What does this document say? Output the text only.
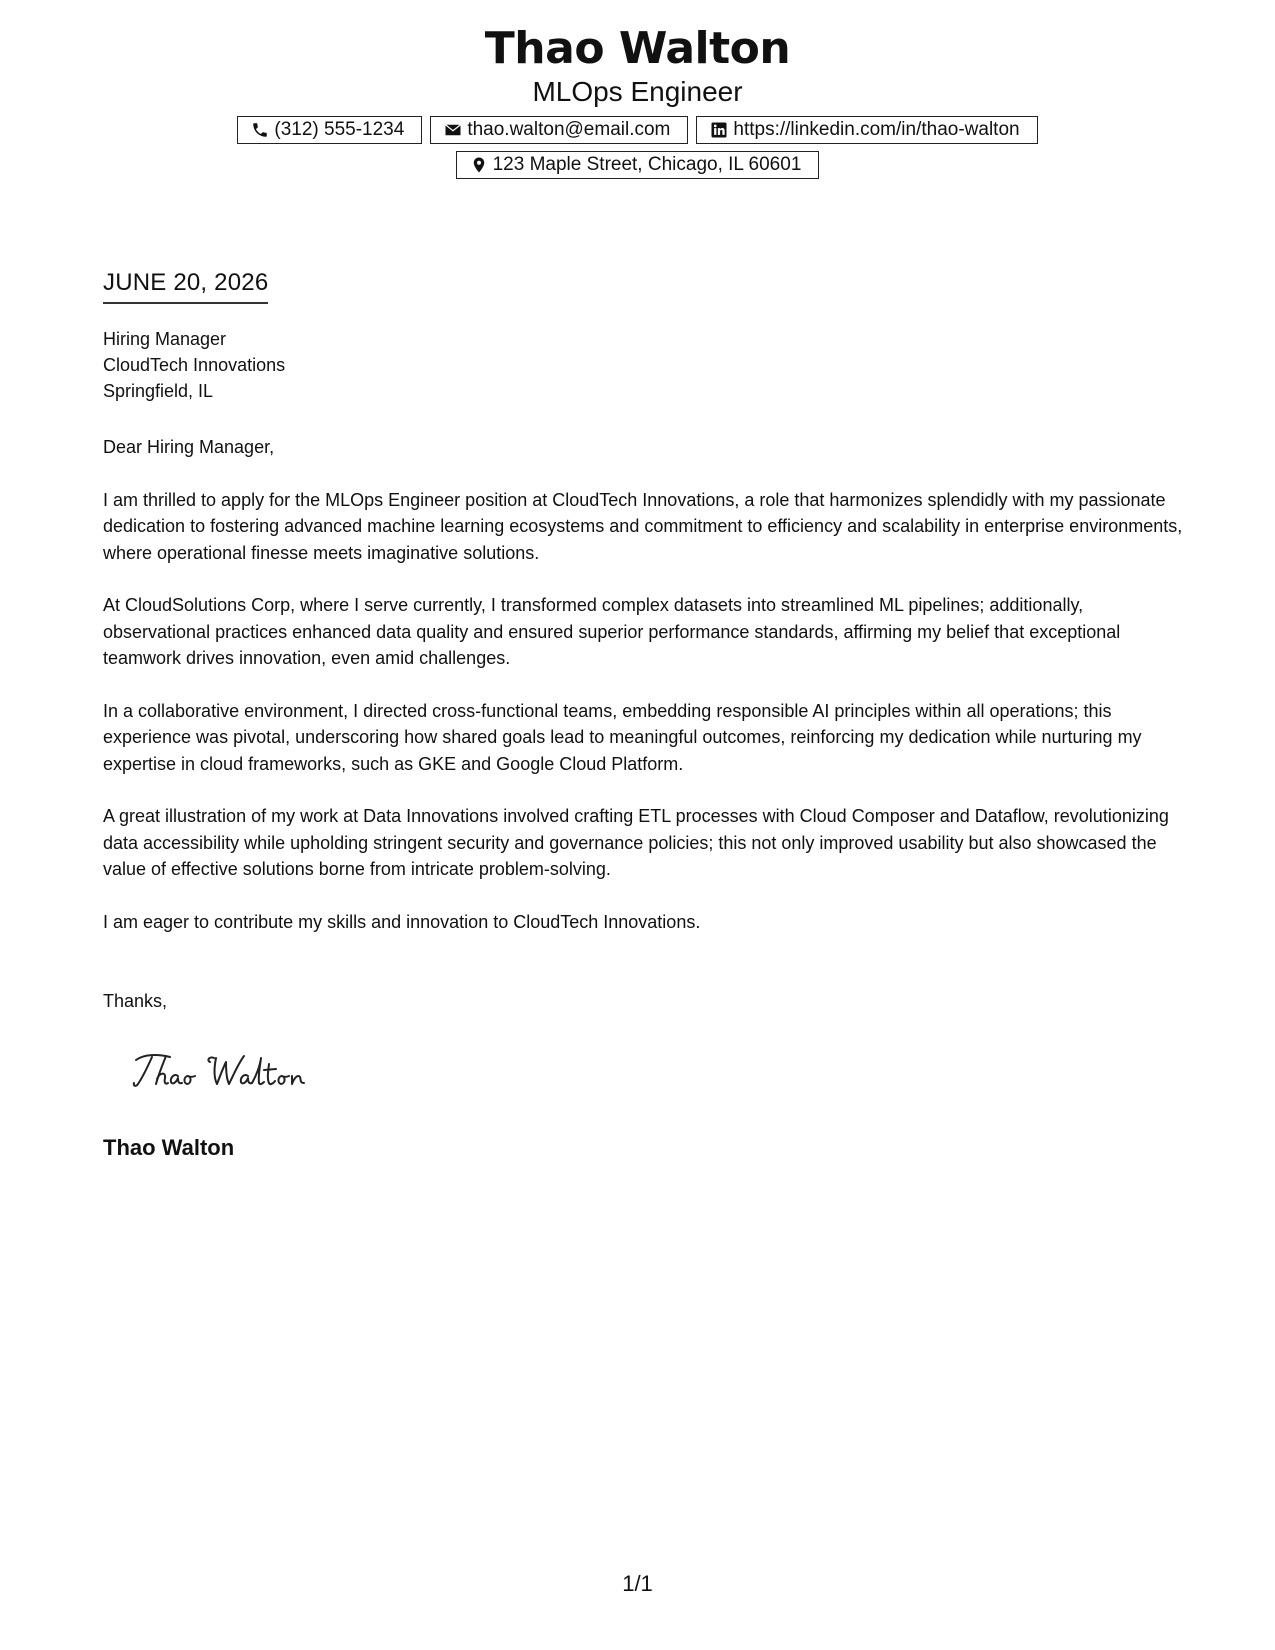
Thao Walton
MLOps Engineer
(312) 555-1234	thao.walton@email.com	https://linkedin.com/in/thao-walton
123 Maple Street, Chicago, IL 60601
JUNE 20, 2026
Hiring Manager
CloudTech Innovations
Springfield, IL

Dear Hiring Manager,

I am thrilled to apply for the MLOps Engineer position at CloudTech Innovations, a role that harmonizes splendidly with my passionate dedication to fostering advanced machine learning ecosystems and commitment to efficiency and scalability in enterprise environments, where operational finesse meets imaginative solutions.

At CloudSolutions Corp, where I serve currently, I transformed complex datasets into streamlined ML pipelines; additionally, observational practices enhanced data quality and ensured superior performance standards, affirming my belief that exceptional teamwork drives innovation, even amid challenges.

In a collaborative environment, I directed cross-functional teams, embedding responsible AI principles within all operations; this experience was pivotal, underscoring how shared goals lead to meaningful outcomes, reinforcing my dedication while nurturing my expertise in cloud frameworks, such as GKE and Google Cloud Platform.

A great illustration of my work at Data Innovations involved crafting ETL processes with Cloud Composer and Dataflow, revolutionizing data accessibility while upholding stringent security and governance policies; this not only improved usability but also showcased the value of effective solutions borne from intricate problem-solving.

I am eager to contribute my skills and innovation to CloudTech Innovations.

Thanks,
Thao Walton
1/1
